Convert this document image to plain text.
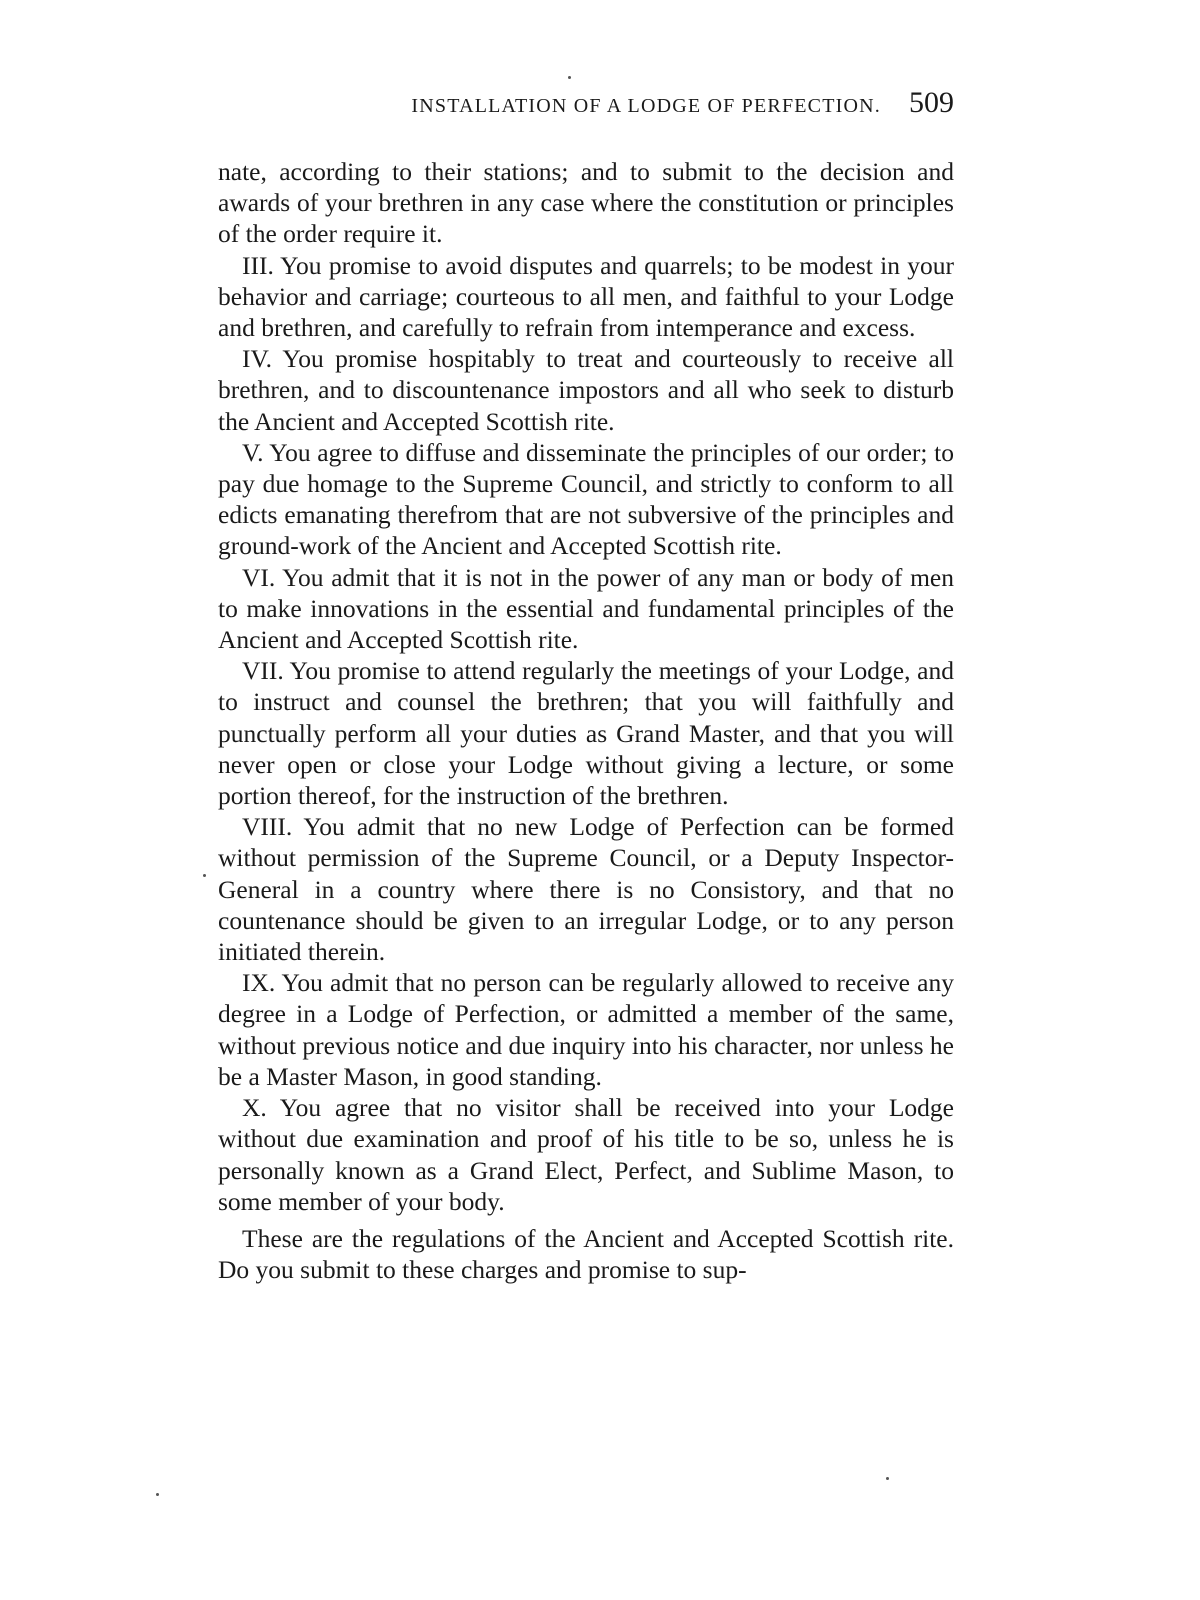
INSTALLATION OF A LODGE OF PERFECTION. 509

nate, according to their stations; and to submit to the decision and awards of your brethren in any case where the constitution or principles of the order require it.

III. You promise to avoid disputes and quarrels; to be modest in your behavior and carriage; courteous to all men, and faithful to your Lodge and brethren, and carefully to refrain from intemperance and excess.

IV. You promise hospitably to treat and courteously to receive all brethren, and to discountenance impostors and all who seek to disturb the Ancient and Accepted Scottish rite.

V. You agree to diffuse and disseminate the principles of our order; to pay due homage to the Supreme Council, and strictly to conform to all edicts emanating therefrom that are not subversive of the principles and ground-work of the Ancient and Accepted Scottish rite.

VI. You admit that it is not in the power of any man or body of men to make innovations in the essential and fundamental principles of the Ancient and Accepted Scottish rite.

VII. You promise to attend regularly the meetings of your Lodge, and to instruct and counsel the brethren; that you will faithfully and punctually perform all your duties as Grand Master, and that you will never open or close your Lodge without giving a lecture, or some portion thereof, for the instruction of the brethren.

VIII. You admit that no new Lodge of Perfection can be formed without permission of the Supreme Council, or a Deputy Inspector-General in a country where there is no Consistory, and that no countenance should be given to an irregular Lodge, or to any person initiated therein.

IX. You admit that no person can be regularly allowed to receive any degree in a Lodge of Perfection, or admitted a member of the same, without previous notice and due inquiry into his character, nor unless he be a Master Mason, in good standing.

X. You agree that no visitor shall be received into your Lodge without due examination and proof of his title to be so, unless he is personally known as a Grand Elect, Perfect, and Sublime Mason, to some member of your body.

These are the regulations of the Ancient and Accepted Scottish rite. Do you submit to these charges and promise to sup-
